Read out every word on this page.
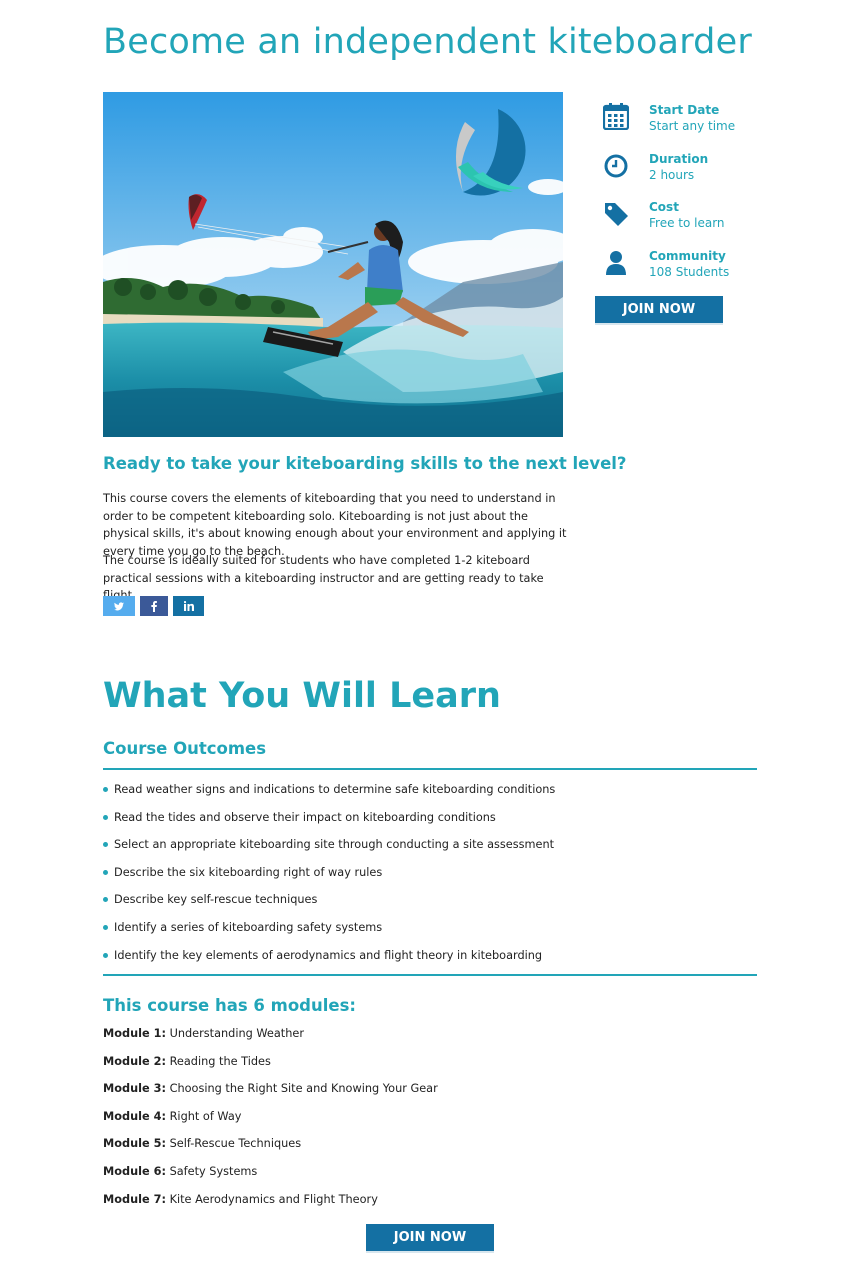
Become an independent kiteboarder
Start Date
Start any time
Duration
2 hours
Cost
Free to learn
Community
108 Students
JOIN NOW
Ready to take your kiteboarding skills to the next level?

This course covers the elements of kiteboarding that you need to understand in order to be competent kiteboarding solo. Kiteboarding is not just about the physical skills, it's about knowing enough about your environment and applying it every time you go to the beach.

The course is ideally suited for students who have completed 1-2 kiteboard practical sessions with a kiteboarding instructor and are getting ready to take

What You Will Learn
Course Outcomes
Read weather signs and indications to determine safe kiteboarding conditions
Read the tides and observe their impact on kiteboarding conditions
Select an appropriate kiteboarding site through conducting a site assessment
Describe the six kiteboarding right of way rules
Describe key self-rescue techniques
Identify a series of kiteboarding safety systems
Identify the key elements of aerodynamics and flight theory in kiteboarding
This course has 6 modules:
Module 1: Understanding Weather
Module 2: Reading the Tides
Module 3: Choosing the Right Site and Knowing Your Gear
Module 4: Right of Way
Module 5: Self-Rescue Techniques
Module 6: Safety Systems
Module 7: Kite Aerodynamics and Flight Theory
JOIN NOW
